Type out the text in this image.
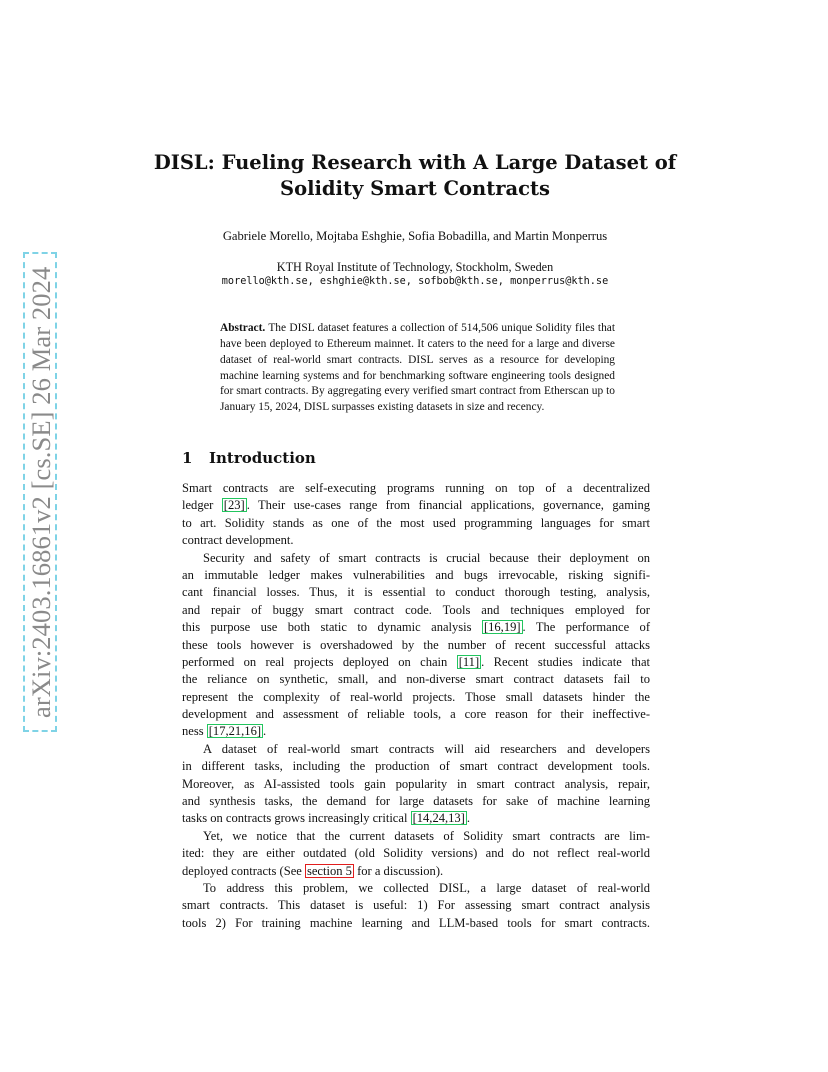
arXiv:2403.16861v2 [cs.SE] 26 Mar 2024
DISL: Fueling Research with A Large Dataset of
Solidity Smart Contracts
Gabriele Morello, Mojtaba Eshghie, Sofia Bobadilla, and Martin Monperrus
KTH Royal Institute of Technology, Stockholm, Sweden
morello@kth.se, eshghie@kth.se, sofbob@kth.se, monperrus@kth.se

Abstract. The DISL dataset features a collection of 514,506 unique Solidity files that have been deployed to Ethereum mainnet. It caters to the need for a large and diverse dataset of real-world smart contracts. DISL serves as a resource for developing machine learning systems and for benchmarking software engineering tools designed for smart contracts. By aggregating every verified smart contract from Etherscan up to January 15, 2024, DISL surpasses existing datasets in size and recency.

1 Introduction
Smart contracts are self-executing programs running on top of a decentralized
ledger [23] . Their use-cases range from financial applications, governance, gaming
to art. Solidity stands as one of the most used programming languages for smart
contract development.
Security and safety of smart contracts is crucial because their deployment on
an immutable ledger makes vulnerabilities and bugs irrevocable, risking signifi-
cant financial losses. Thus, it is essential to conduct thorough testing, analysis,
and repair of buggy smart contract code. Tools and techniques employed for
this purpose use both static to dynamic analysis [16,19] . The performance of
these tools however is overshadowed by the number of recent successful attacks
performed on real projects deployed on chain [11] . Recent studies indicate that
the reliance on synthetic, small, and non-diverse smart contract datasets fail to
represent the complexity of real-world projects. Those small datasets hinder the
development and assessment of reliable tools, a core reason for their ineffective-
ness [17,21,16] .
A dataset of real-world smart contracts will aid researchers and developers
in different tasks, including the production of smart contract development tools.
Moreover, as AI-assisted tools gain popularity in smart contract analysis, repair,
and synthesis tasks, the demand for large datasets for sake of machine learning
tasks on contracts grows increasingly critical [14,24,13] .
Yet, we notice that the current datasets of Solidity smart contracts are lim-
ited: they are either outdated (old Solidity versions) and do not reflect real-world
deployed contracts (See section 5 for a discussion).
To address this problem, we collected DISL, a large dataset of real-world
smart contracts. This dataset is useful: 1) For assessing smart contract analysis
tools 2) For training machine learning and LLM-based tools for smart contracts.
